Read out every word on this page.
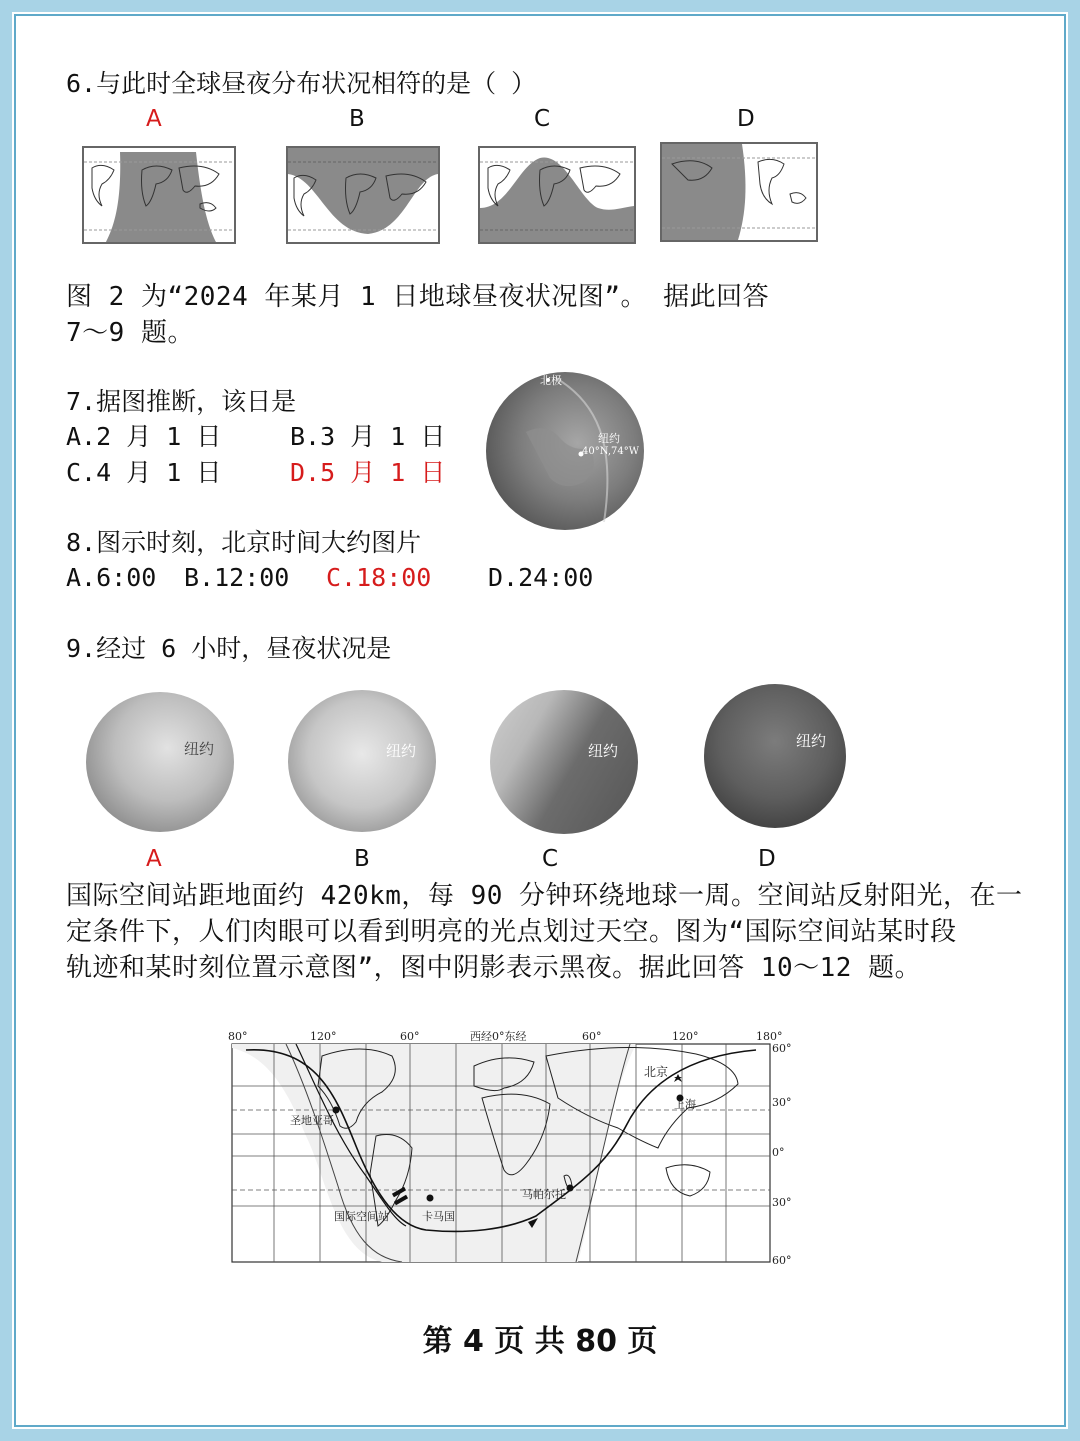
6.与此时全球昼夜分布状况相符的是（ ）
A	B	C	D
图 2 为“2024 年某月 1 日地球昼夜状况图”。 据此回答
7～9 题。
7.据图推断，该日是
A.2 月 1 日	B.3 月 1 日
C.4 月 1 日	D.5 月 1 日
北极
纽约
40°N,74°W
8.图示时刻，北京时间大约图片
A.6:00 B.12:00 C.18:00 D.24:00
9.经过 6 小时，昼夜状况是
纽约	纽约	纽约
纽约
A	B	C	D
国际空间站距地面约 420km，每 90 分钟环绕地球一周。空间站反射阳光，在一
定条件下，人们肉眼可以看到明亮的光点划过天空。图为“国际空间站某时段
轨迹和某时刻位置示意图”，图中阴影表示黑夜。据此回答 10～12 题。
80°	120°	60°	西经0°东经	60°	120°	180°
60°
30°
0°
30°
60°
北京
上海
圣地亚哥
国际空间站	卡马国
马帕尔托
第 4 页 共 80 页
